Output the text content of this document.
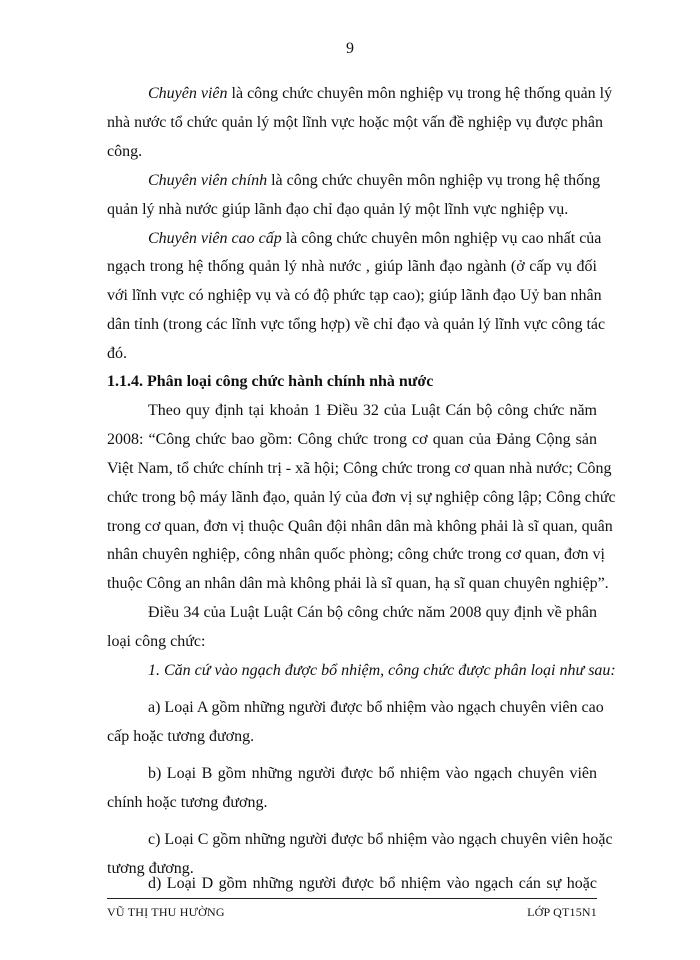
9
Chuyên viên là công chức chuyên môn nghiệp vụ trong hệ thống quản lý
nhà nước tổ chức quản lý một lĩnh vực hoặc một vấn đề nghiệp vụ được phân
công.
Chuyên viên chính là công chức chuyên môn nghiệp vụ trong hệ thống
quản lý nhà nước giúp lãnh đạo chỉ đạo quản lý một lĩnh vực nghiệp vụ.
Chuyên viên cao cấp là công chức chuyên môn nghiệp vụ cao nhất của
ngạch trong hệ thống quản lý nhà nước , giúp lãnh đạo ngành (ở cấp vụ đối
với lĩnh vực có nghiệp vụ và có độ phức tạp cao); giúp lãnh đạo Uỷ ban nhân
dân tỉnh (trong các lĩnh vực tổng hợp) về chỉ đạo và quản lý lĩnh vực công tác
đó.
1.1.4. Phân loại công chức hành chính nhà nước
Theo quy định tại khoản 1 Điều 32 của Luật Cán bộ công chức năm
2008: “Công chức bao gồm: Công chức trong cơ quan của Đảng Cộng sản
Việt Nam, tổ chức chính trị - xã hội; Công chức trong cơ quan nhà nước; Công
chức trong bộ máy lãnh đạo, quản lý của đơn vị sự nghiệp công lập; Công chức
trong cơ quan, đơn vị thuộc Quân đội nhân dân mà không phải là sĩ quan, quân
nhân chuyên nghiệp, công nhân quốc phòng; công chức trong cơ quan, đơn vị
thuộc Công an nhân dân mà không phải là sĩ quan, hạ sĩ quan chuyên nghiệp”.
Điều 34 của Luật Luật Cán bộ công chức năm 2008 quy định về phân
loại công chức:
1. Căn cứ vào ngạch được bổ nhiệm, công chức được phân loại như sau:
a) Loại A gồm những người được bổ nhiệm vào ngạch chuyên viên cao
cấp hoặc tương đương.
b) Loại B gồm những người được bổ nhiệm vào ngạch chuyên viên
chính hoặc tương đương.
c) Loại C gồm những người được bổ nhiệm vào ngạch chuyên viên hoặc
tương đương.
VŨ THỊ THU HƯỜNG	LỚP QT15N1
d) Loại D gồm những người được bổ nhiệm vào ngạch cán sự hoặc
